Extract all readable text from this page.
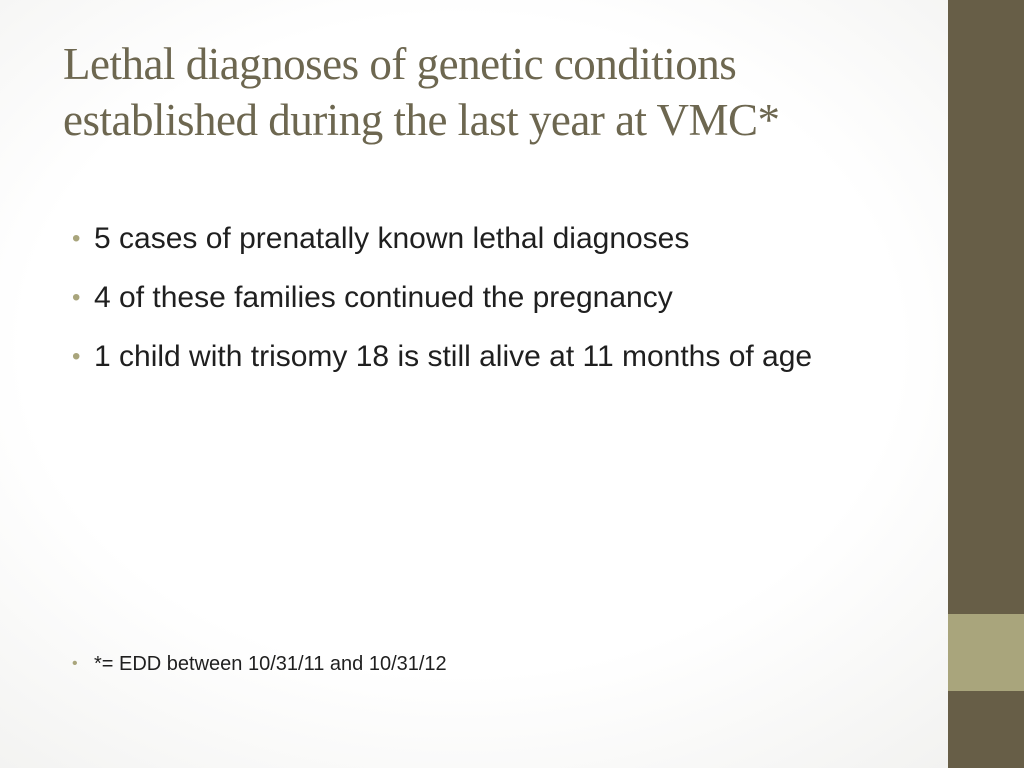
Lethal diagnoses of genetic conditions
established during the last year at VMC*
• 5 cases of prenatally known lethal diagnoses
• 4 of these families continued the pregnancy
• 1 child with trisomy 18 is still alive at 11 months of age
• *= EDD between 10/31/11 and 10/31/12
